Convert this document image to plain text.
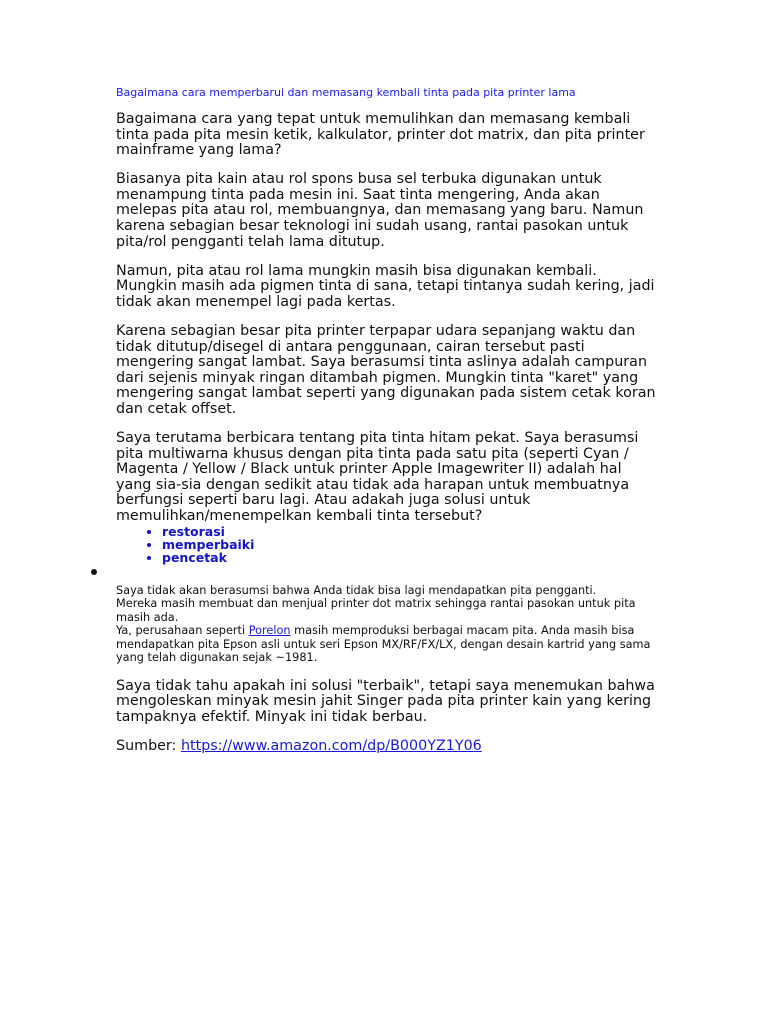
Bagaimana cara memperbarui dan memasang kembali tinta pada pita printer lama

Bagaimana cara yang tepat untuk memulihkan dan memasang kembali tinta pada pita mesin ketik, kalkulator, printer dot matrix, dan pita printer mainframe yang lama?

Biasanya pita kain atau rol spons busa sel terbuka digunakan untuk menampung tinta pada mesin ini. Saat tinta mengering, Anda akan melepas pita atau rol, membuangnya, dan memasang yang baru. Namun karena sebagian besar teknologi ini sudah usang, rantai pasokan untuk pita/rol pengganti telah lama ditutup.

Namun, pita atau rol lama mungkin masih bisa digunakan kembali. Mungkin masih ada pigmen tinta di sana, tetapi tintanya sudah kering, jadi tidak akan menempel lagi pada kertas.

Karena sebagian besar pita printer terpapar udara sepanjang waktu dan tidak ditutup/disegel di antara penggunaan, cairan tersebut pasti mengering sangat lambat. Saya berasumsi tinta aslinya adalah campuran dari sejenis minyak ringan ditambah pigmen. Mungkin tinta "karet" yang mengering sangat lambat seperti yang digunakan pada sistem cetak koran dan cetak offset.

Saya terutama berbicara tentang pita tinta hitam pekat. Saya berasumsi pita multiwarna khusus dengan pita tinta pada satu pita (seperti Cyan / Magenta / Yellow / Black untuk printer Apple Imagewriter II) adalah hal yang sia-sia dengan sedikit atau tidak ada harapan untuk membuatnya berfungsi seperti baru lagi. Atau adakah juga solusi untuk memulihkan/menempelkan kembali tinta tersebut?

• restorasi
• memperbaiki
• pencetak
Saya tidak akan berasumsi bahwa Anda tidak bisa lagi mendapatkan pita pengganti.
Mereka masih membuat dan menjual printer dot matrix sehingga rantai pasokan untuk pita masih ada.
Ya, perusahaan seperti Porelon masih memproduksi berbagai macam pita. Anda masih bisa mendapatkan pita Epson asli untuk seri Epson MX/RF/FX/LX, dengan desain kartrid yang sama yang telah digunakan sejak ~1981.

Saya tidak tahu apakah ini solusi "terbaik", tetapi saya menemukan bahwa mengoleskan minyak mesin jahit Singer pada pita printer kain yang kering tampaknya efektif. Minyak ini tidak berbau.

Sumber: https://www.amazon.com/dp/B000YZ1Y06
